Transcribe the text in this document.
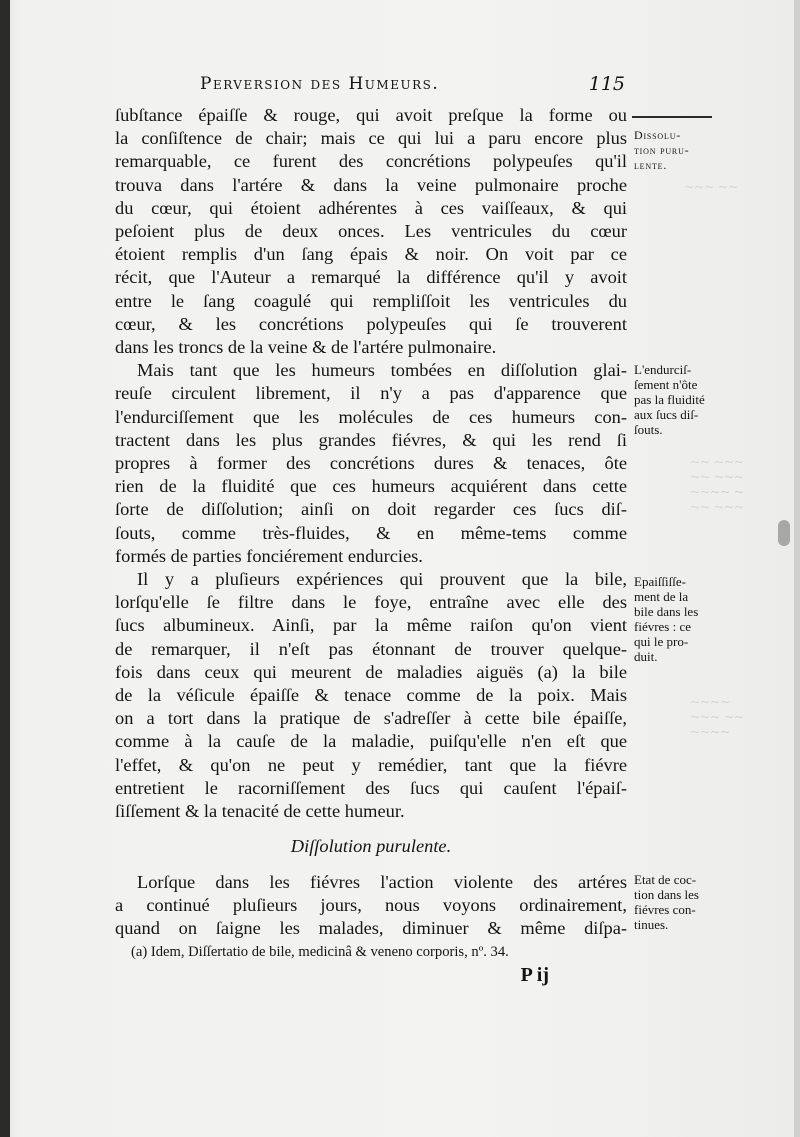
Perversion des Humeurs.	115
~~~ ~~
~~ ~~~
~~ ~~~
~~~~ ~
~~ ~~~
~~~~
~~~ ~~
~~~~
ſubſtance épaiſſe & rouge, qui avoit preſque la forme ou
la conſiſtence de chair; mais ce qui lui a paru encore plus
remarquable, ce furent des concrétions polypeuſes qu'il
trouva dans l'artére & dans la veine pulmonaire proche
du cœur, qui étoient adhérentes à ces vaiſſeaux, & qui
peſoient plus de deux onces. Les ventricules du cœur
étoient remplis d'un ſang épais & noir. On voit par ce
récit, que l'Auteur a remarqué la différence qu'il y avoit
entre le ſang coagulé qui rempliſſoit les ventricules du
cœur, & les concrétions polypeuſes qui ſe trouverent
dans les troncs de la veine & de l'artére pulmonaire.
Mais tant que les humeurs tombées en diſſolution glai-
reuſe circulent librement, il n'y a pas d'apparence que
l'endurciſſement que les molécules de ces humeurs con-
tractent dans les plus grandes fiévres, & qui les rend ſi
propres à former des concrétions dures & tenaces, ôte
rien de la fluidité que ces humeurs acquiérent dans cette
ſorte de diſſolution; ainſi on doit regarder ces ſucs diſ-
ſouts, comme très-fluides, & en même-tems comme
formés de parties fonciérement endurcies.
Il y a pluſieurs expériences qui prouvent que la bile,
lorſqu'elle ſe filtre dans le foye, entraîne avec elle des
ſucs albumineux. Ainſi, par la même raiſon qu'on vient
de remarquer, il n'eſt pas étonnant de trouver quelque-
fois dans ceux qui meurent de maladies aiguës (a) la bile
de la véſicule épaiſſe & tenace comme de la poix. Mais
on a tort dans la pratique de s'adreſſer à cette bile épaiſſe,
comme à la cauſe de la maladie, puiſqu'elle n'en eſt que
l'effet, & qu'on ne peut y remédier, tant que la fiévre
entretient le racorniſſement des ſucs qui cauſent l'épaiſ-
ſiſſement & la tenacité de cette humeur.
Diſſolution purulente.
Lorſque dans les fiévres l'action violente des artéres
a continué pluſieurs jours, nous voyons ordinairement,
quand on ſaigne les malades, diminuer & même diſpa-
(a) Idem, Diſſertatio de bile, medicinâ & veneno corporis, nº. 34.
P ij
Dissolu-
tion puru-
lente.
L'endurciſ-
ſement n'ôte
pas la fluidité
aux ſucs diſ-
ſouts.
Epaiſſiſſe-
ment de la
bile dans les
fiévres : ce
qui le pro-
duit.
Etat de coc-
tion dans les
fiévres con-
tinues.
